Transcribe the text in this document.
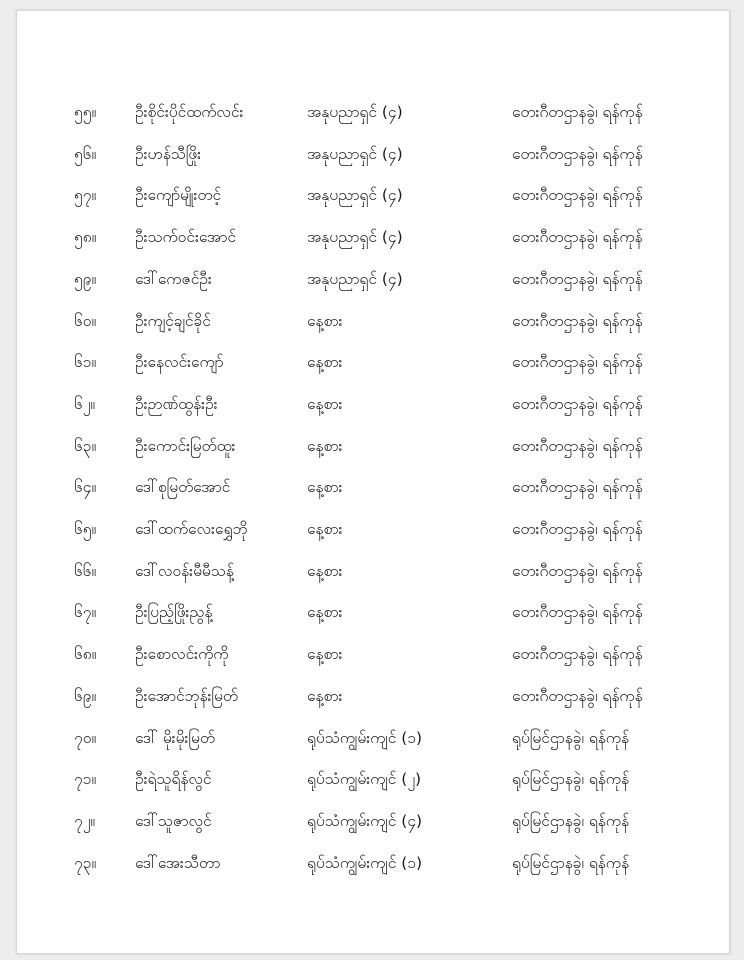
၅၅။	ဦးစိုင်းပိုင်ထက်လင်း	အနုပညာရှင် (၄)	တေးဂီတဌာနခွဲ၊ ရန်ကုန်
၅၆။	ဦးဟန်သီဖြိုး	အနုပညာရှင် (၄)	တေးဂီတဌာနခွဲ၊ ရန်ကုန်
၅၇။	ဦးကျော်မျိုးတင့်	အနုပညာရှင် (၄)	တေးဂီတဌာနခွဲ၊ ရန်ကုန်
၅၈။ ဦးသက်ဝင်းအောင်	အနုပညာရှင် (၄)	တေးဂီတဌာနခွဲ၊ ရန်ကုန်
၅၉။	ဒေါ်ကေဇင်ဦး	အနုပညာရှင် (၄)	တေးဂီတဌာနခွဲ၊ ရန်ကုန်
၆၀။	ဦးကျင့်ချင်ခိုင်	နေ့စား	တေးဂီတဌာနခွဲ၊ ရန်ကုန်
၆၁။	ဦးနေလင်းကျော်	နေ့စား	တေးဂီတဌာနခွဲ၊ ရန်ကုန်
၆၂။	ဦးဉာဏ်ထွန်းဦး	နေ့စား	တေးဂီတဌာနခွဲ၊ ရန်ကုန်
၆၃။	ဦးကောင်းမြတ်ထူး	နေ့စား	တေးဂီတဌာနခွဲ၊ ရန်ကုန်
၆၄။	ဒေါ်စုမြတ်အောင်	နေ့စား	တေးဂီတဌာနခွဲ၊ ရန်ကုန်
၆၅။	ဒေါ်ထက်လေးရွှေဘို	နေ့စား	တေးဂီတဌာနခွဲ၊ ရန်ကုန်
၆၆။	ဒေါ်လဝန်းမီမီသန့်	နေ့စား	တေးဂီတဌာနခွဲ၊ ရန်ကုန်
၆၇။	ဦးပြည့်ဖြိုးညွန့်	နေ့စား	တေးဂီတဌာနခွဲ၊ ရန်ကုန်
၆၈။ ဦးစောလင်းကိုကို	နေ့စား	တေးဂီတဌာနခွဲ၊ ရန်ကုန်
၆၉။	ဦးအောင်ဘုန်းမြတ်	နေ့စား	တေးဂီတဌာနခွဲ၊ ရန်ကုန်
၇၀။	ဒေါ် မိုးမိုးမြတ်	ရုပ်သံကျွမ်းကျင် (၁)	ရုပ်မြင်ဌာနခွဲ၊ ရန်ကုန်
၇၁။	ဦးရဲသူရိန်လွင်	ရုပ်သံကျွမ်းကျင် (၂)	ရုပ်မြင်ဌာနခွဲ၊ ရန်ကုန်
၇၂။	ဒေါ်သူဇာလွင်	ရုပ်သံကျွမ်းကျင် (၄)	ရုပ်မြင်ဌာနခွဲ၊ ရန်ကုန်
၇၃။	ဒေါ်အေးသီတာ	ရုပ်သံကျွမ်းကျင် (၁)	ရုပ်မြင်ဌာနခွဲ၊ ရန်ကုန်
